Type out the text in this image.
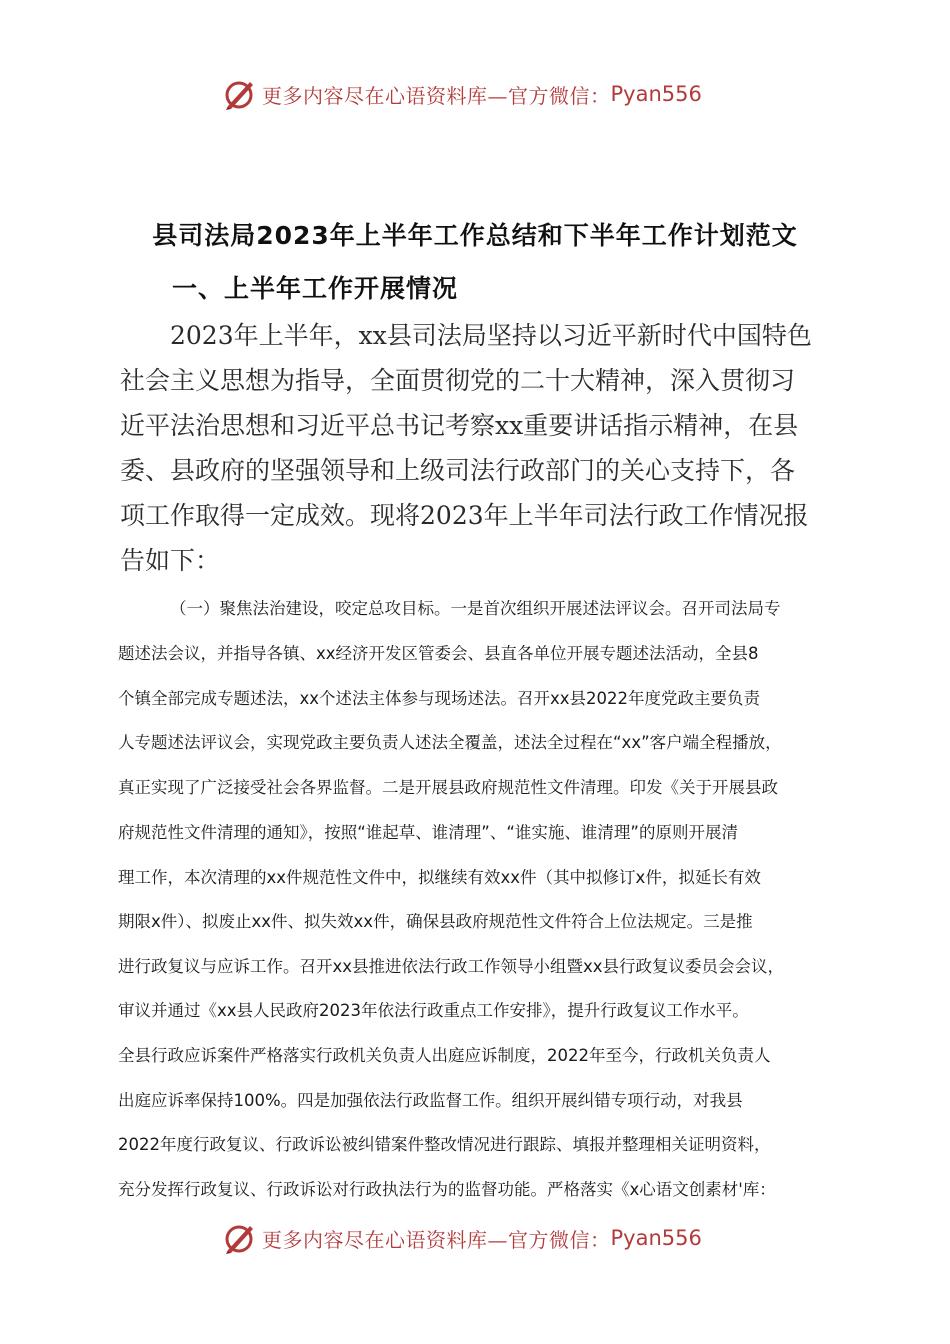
更多内容尽在心语资料库—官方微信： Pyan556
县司法局2023年上半年工作总结和下半年工作计划范文
一、上半年工作开展情况

2023年上半年，xx县司法局坚持以习近平新时代中国特色

社会主义思想为指导，全面贯彻党的二十大精神，深入贯彻习

近平法治思想和习近平总书记考察xx重要讲话指示精神，在县

委、县政府的坚强领导和上级司法行政部门的关心支持下，各

项工作取得一定成效。现将2023年上半年司法行政工作情况报

告如下：

（一）聚焦法治建设，咬定总攻目标。一是首次组织开展述法评议会。召开司法局专

题述法会议，并指导各镇、xx经济开发区管委会、县直各单位开展专题述法活动，全县8

个镇全部完成专题述法，xx个述法主体参与现场述法。召开xx县2022年度党政主要负责

人专题述法评议会，实现党政主要负责人述法全覆盖，述法全过程在“xx”客户端全程播放，

真正实现了广泛接受社会各界监督。二是开展县政府规范性文件清理。印发《关于开展县政

府规范性文件清理的通知》，按照“谁起草、谁清理”、“谁实施、谁清理”的原则开展清

理工作，本次清理的xx件规范性文件中，拟继续有效xx件（其中拟修订x件，拟延长有效

期限x件）、拟废止xx件、拟失效xx件，确保县政府规范性文件符合上位法规定。三是推

进行政复议与应诉工作。召开xx县推进依法行政工作领导小组暨xx县行政复议委员会会议，

审议并通过《xx县人民政府2023年依法行政重点工作安排》，提升行政复议工作水平。

全县行政应诉案件严格落实行政机关负责人出庭应诉制度，2022年至今，行政机关负责人

出庭应诉率保持100%。四是加强依法行政监督工作。组织开展纠错专项行动，对我县

2022年度行政复议、行政诉讼被纠错案件整改情况进行跟踪、填报并整理相关证明资料，

充分发挥行政复议、行政诉讼对行政执法行为的监督功能。严格落实《x心语文创素材'库：

更多内容尽在心语资料库—官方微信： Pyan556
